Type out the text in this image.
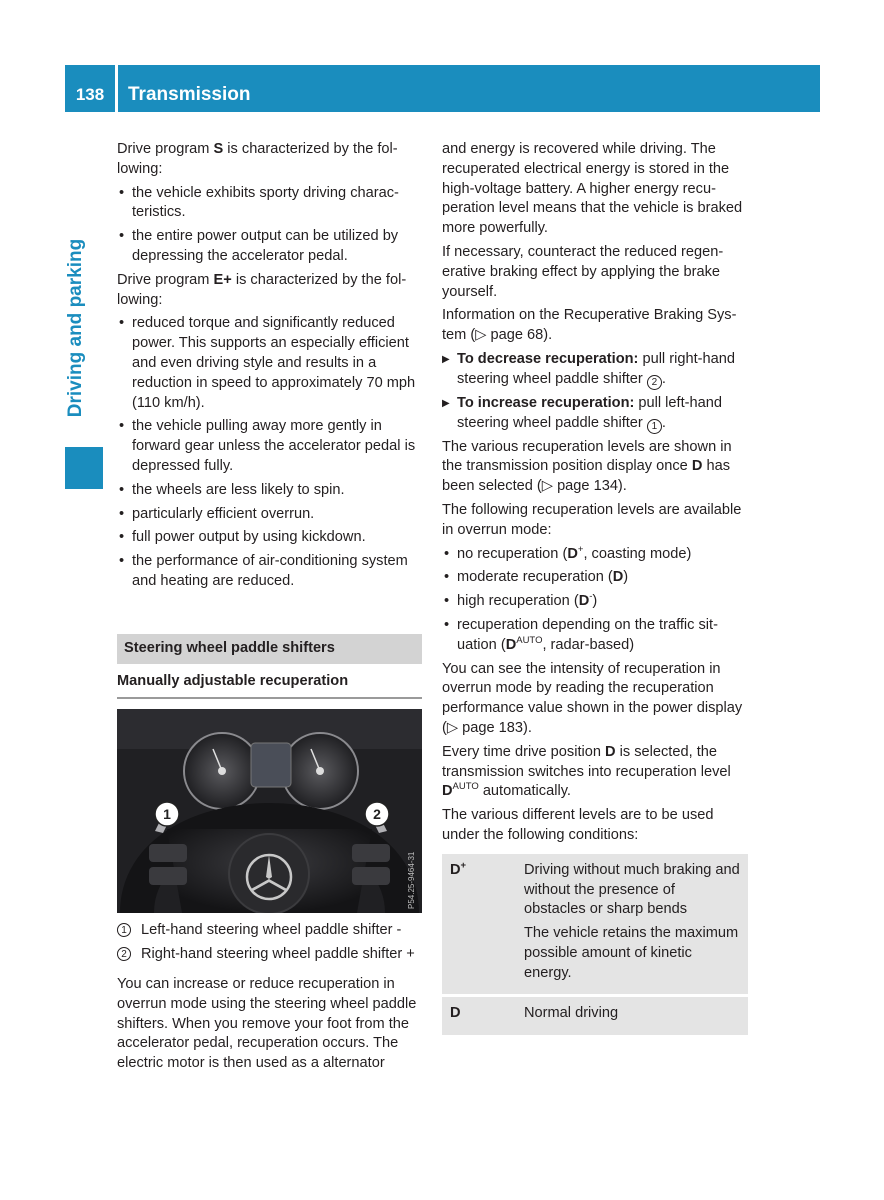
138	Transmission
Driving and parking

Drive program S is characterized by the following:

• the vehicle exhibits sporty driving characteristics.
• the entire power output can be utilized by depressing the accelerator pedal.

Drive program E+ is characterized by the following:

• reduced torque and significantly reduced power. This supports an especially efficient and even driving style and results in a reduction in speed to approximately 70 mph (110 km/h).
• the vehicle pulling away more gently in forward gear unless the accelerator pedal is depressed fully.
• the wheels are less likely to spin.
• particularly efficient overrun.
• full power output by using kickdown.
• the performance of air-conditioning system and heating are reduced.
Steering wheel paddle shifters
Manually adjustable recuperation
1	2
P54.25-9464-31
1 Left-hand steering wheel paddle shifter -
2 Right-hand steering wheel paddle shifter +

You can increase or reduce recuperation in overrun mode using the steering wheel paddle shifters. When you remove your foot from the accelerator pedal, recuperation occurs. The electric motor is then used as a alternator

and energy is recovered while driving. The recuperated electrical energy is stored in the high-voltage battery. A higher energy recuperation level means that the vehicle is braked more powerfully.

If necessary, counteract the reduced regenerative braking effect by applying the brake yourself.

Information on the Recuperative Braking System (▷ page 68).

▶ To decrease recuperation: pull right-hand steering wheel paddle shifter 2 .
▶ To increase recuperation: pull left-hand steering wheel paddle shifter 1 .

The various recuperation levels are shown in the transmission position display once D has been selected (▷ page 134).

The following recuperation levels are available in overrun mode:

• no recuperation (D+, coasting mode)
• moderate recuperation (D)
• high recuperation (D-)
• recuperation depending on the traffic situation ($D^{AUTO}$, radar-based)

You can see the intensity of recuperation in overrun mode by reading the recuperation performance value shown in the power display (▷ page 183).

Every time drive position D is selected, the transmission switches into recuperation level $D^{AUTO}$ automatically.

The various different levels are to be used under the following conditions:

D+	Driving without much braking and without the presence of obstacles or sharp bends

The vehicle retains the maximum possible amount of kinetic energy.

D	Normal driving
